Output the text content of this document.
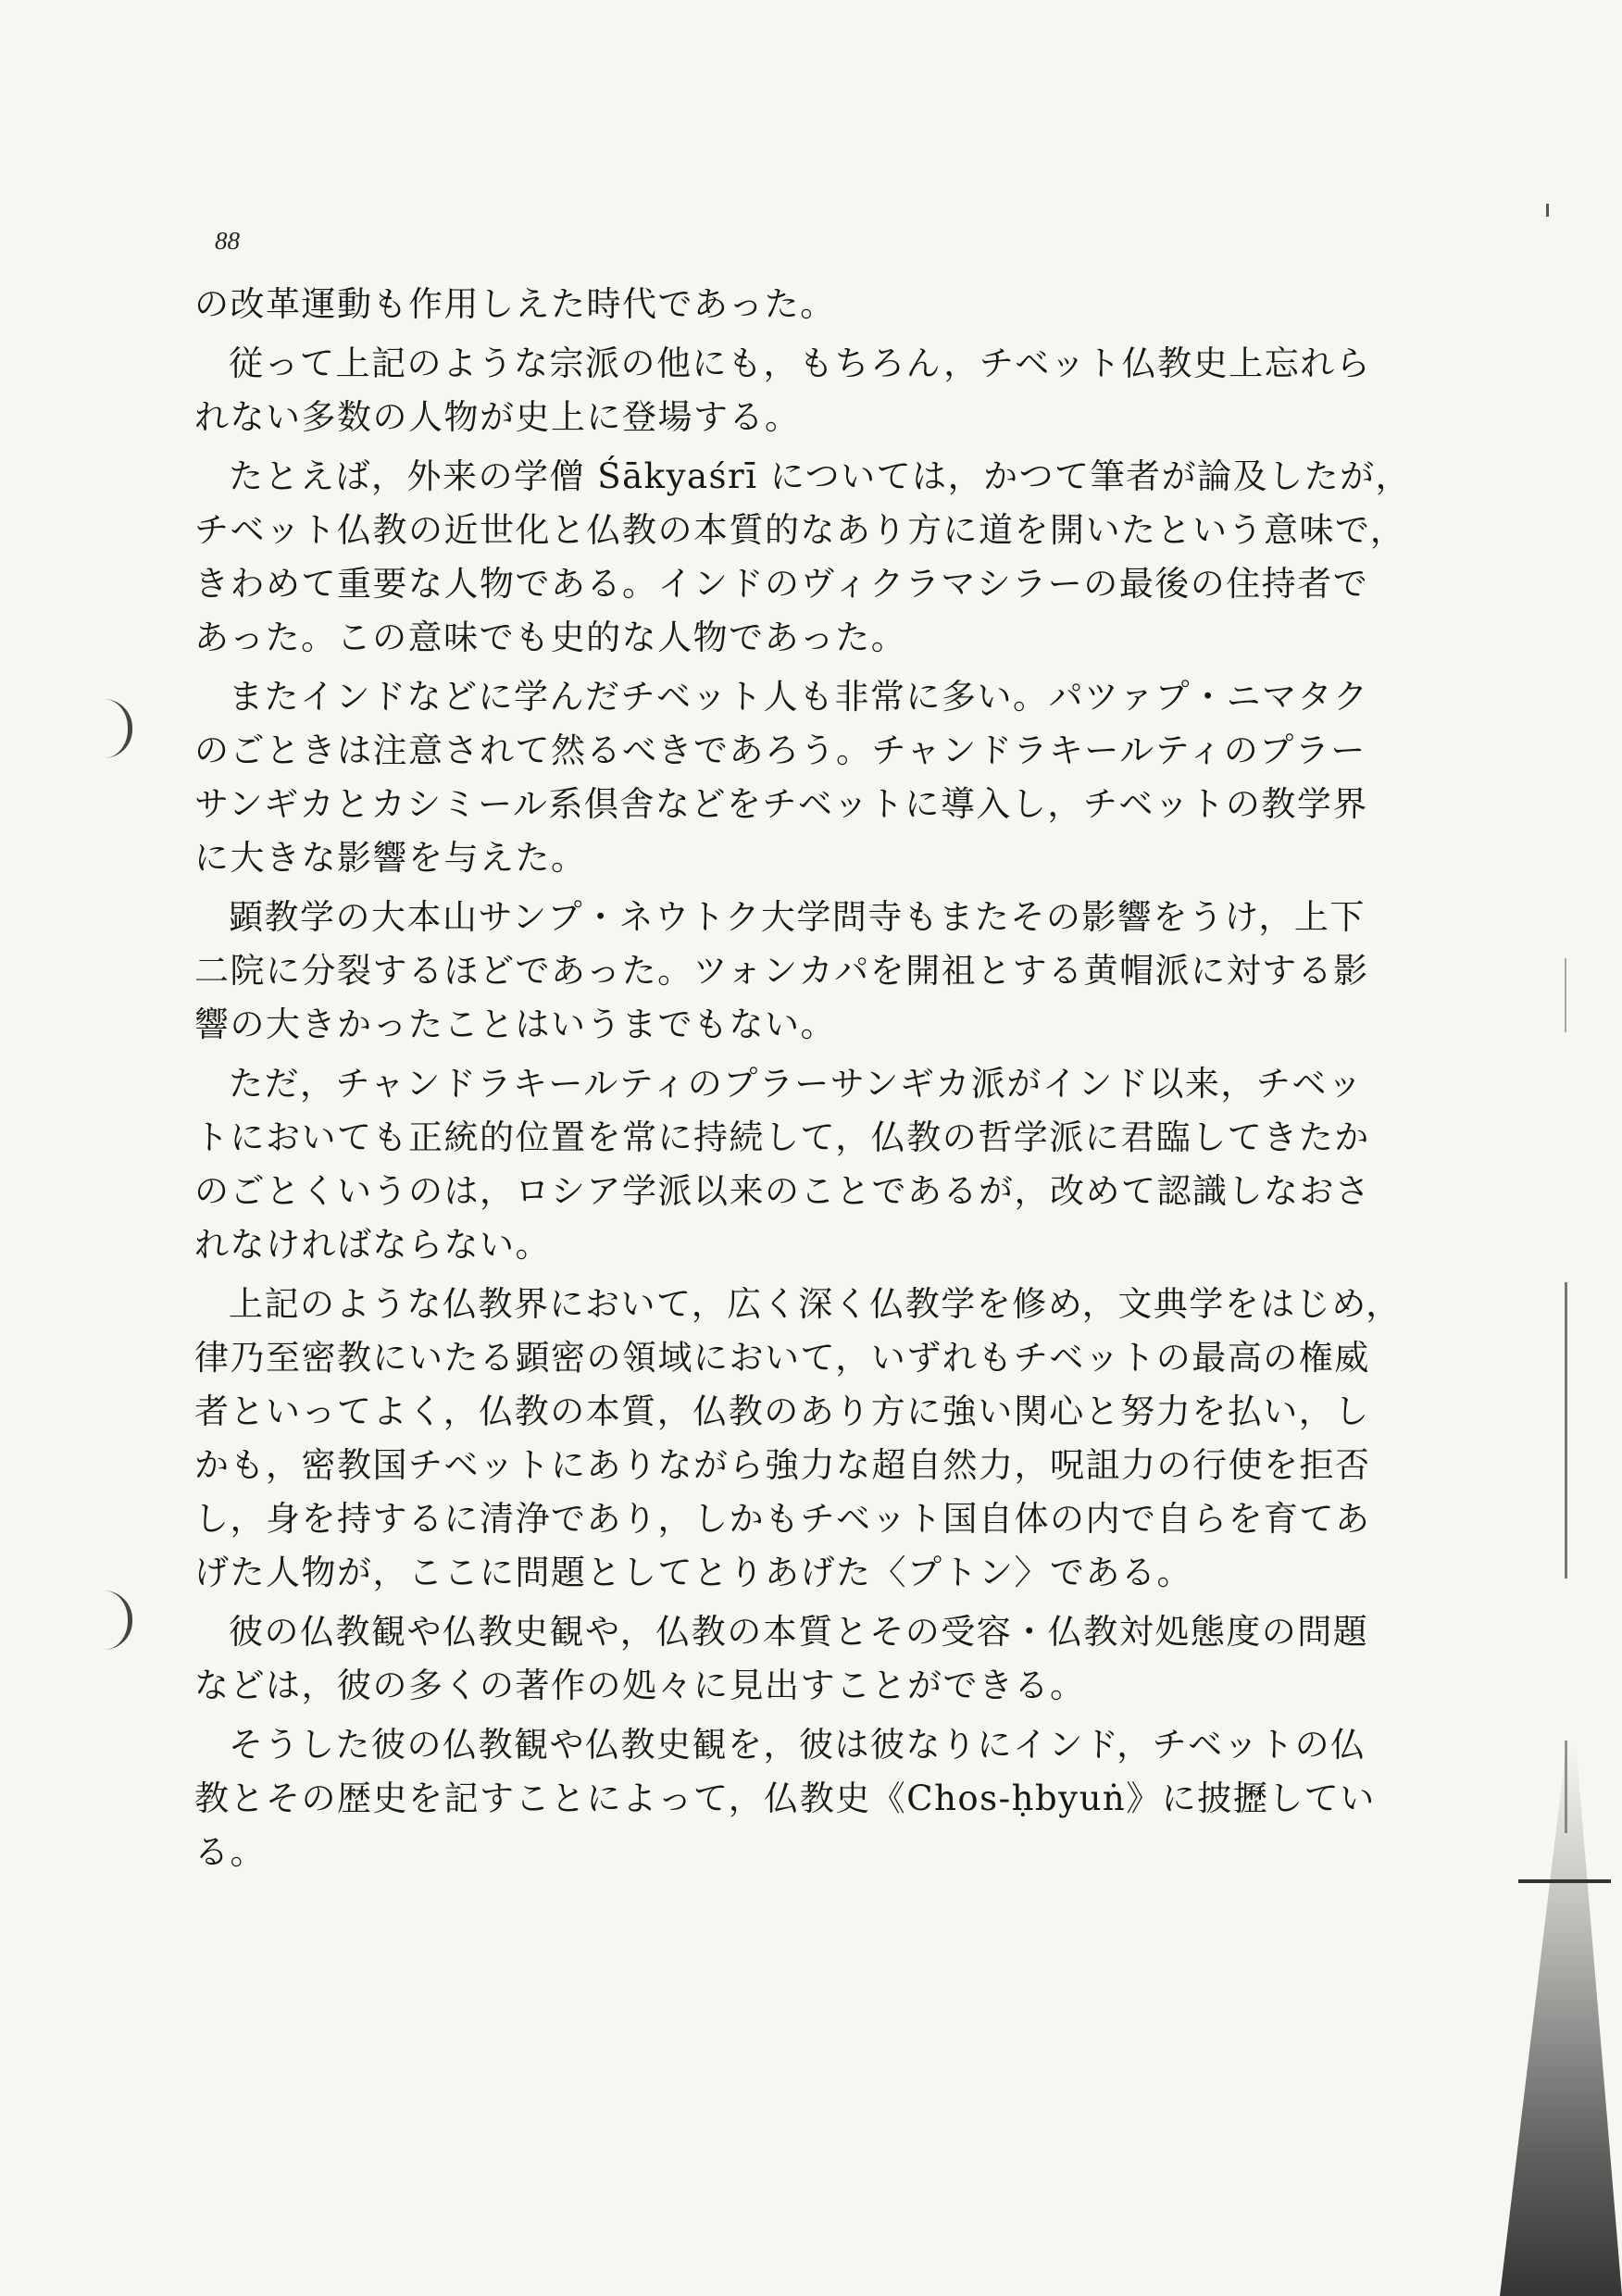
88
の改革運動も作用しえた時代であった。
従って上記のような宗派の他にも，もちろん，チベット仏教史上忘れら
れない多数の人物が史上に登場する。
たとえば，外来の学僧 Śākyaśrī については，かつて筆者が論及したが，
チベット仏教の近世化と仏教の本質的なあり方に道を開いたという意味で，
きわめて重要な人物である。インドのヴィクラマシラーの最後の住持者で
あった。この意味でも史的な人物であった。
またインドなどに学んだチベット人も非常に多い。パツァプ・ニマタク
のごときは注意されて然るべきであろう。チャンドラキールティのプラー
サンギカとカシミール系倶舎などをチベットに導入し，チベットの教学界
に大きな影響を与えた。
顕教学の大本山サンプ・ネウトク大学問寺もまたその影響をうけ，上下
二院に分裂するほどであった。ツォンカパを開祖とする黄帽派に対する影
響の大きかったことはいうまでもない。
ただ，チャンドラキールティのプラーサンギカ派がインド以来，チベッ
トにおいても正統的位置を常に持続して，仏教の哲学派に君臨してきたか
のごとくいうのは，ロシア学派以来のことであるが，改めて認識しなおさ
れなければならない。
上記のような仏教界において，広く深く仏教学を修め，文典学をはじめ，
律乃至密教にいたる顕密の領域において，いずれもチベットの最高の権威
者といってよく，仏教の本質，仏教のあり方に強い関心と努力を払い，し
かも，密教国チベットにありながら強力な超自然力，呪詛力の行使を拒否
し，身を持するに清浄であり，しかもチベット国自体の内で自らを育てあ
げた人物が，ここに問題としてとりあげた〈プトン〉である。
彼の仏教観や仏教史観や，仏教の本質とその受容・仏教対処態度の問題
などは，彼の多くの著作の処々に見出すことができる。
そうした彼の仏教観や仏教史観を，彼は彼なりにインド，チベットの仏
教とその歴史を記すことによって，仏教史《Chos-ḥbyuṅ》に披攊してい
る。
